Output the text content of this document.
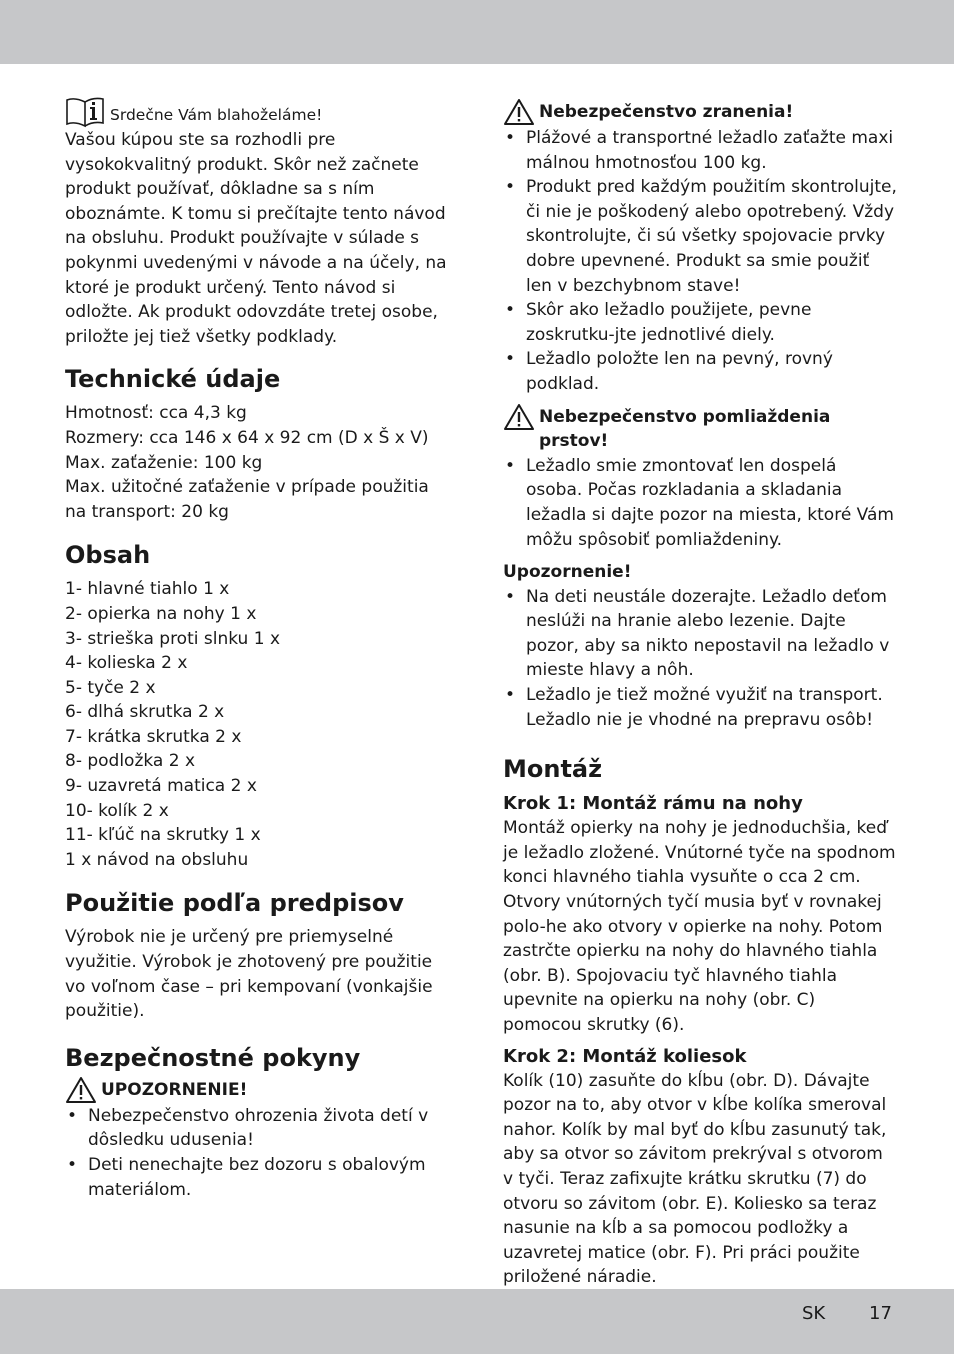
Srdečne Vám blahoželáme!

Vašou kúpou ste sa rozhodli pre vysokokvalitný produkt. Skôr než začnete produkt používať, dôkladne sa s ním oboznámte. K tomu si prečítajte tento návod na obsluhu. Produkt používajte v súlade s pokynmi uvedenými v návode a na účely, na ktoré je produkt určený. Tento návod si odložte. Ak produkt odovzdáte tretej osobe, priložte jej tiež všetky podklady.

Technické údaje
Hmotnosť: cca 4,3 kg
Rozmery: cca 146 x 64 x 92 cm (D x Š x V)
Max. zaťaženie: 100 kg
Max. užitočné zaťaženie v prípade použitia na transport: 20 kg
Obsah
1- hlavné tiahlo 1 x
2- opierka na nohy 1 x
3- strieška proti slnku 1 x
4- kolieska 2 x
5- tyče 2 x
6- dlhá skrutka 2 x
7- krátka skrutka 2 x
8- podložka 2 x
9- uzavretá matica 2 x
10- kolík 2 x
11- kľúč na skrutky 1 x
1 x návod na obsluhu
Použitie podľa predpisov

Výrobok nie je určený pre priemyselné využitie. Výrobok je zhotovený pre použitie vo voľnom čase – pri kempovaní (vonkajšie použitie).

Bezpečnostné pokyny
UPOZORNENIE!
• Nebezpečenstvo ohrozenia života detí v dôsledku udusenia!
• Deti nenechajte bez dozoru s obalovým materiálom.
Nebezpečenstvo zranenia!
• Plážové a transportné ležadlo zaťažte maxi málnou hmotnosťou 100 kg.
• Produkt pred každým použitím skontrolujte, či nie je poškodený alebo opotrebený. Vždy skontrolujte, či sú všetky spojovacie prvky dobre upevnené. Produkt sa smie použiť len v bezchybnom stave!
• Skôr ako ležadlo použijete, pevne zoskrutku-jte jednotlivé diely.
• Ležadlo položte len na pevný, rovný podklad.
Nebezpečenstvo pomliaždenia prstov!
• Ležadlo smie zmontovať len dospelá osoba. Počas rozkladania a skladania ležadla si dajte pozor na miesta, ktoré Vám môžu spôsobiť pomliaždeniny.
Upozornenie!
• Na deti neustále dozerajte. Ležadlo deťom neslúži na hranie alebo lezenie. Dajte pozor, aby sa nikto nepostavil na ležadlo v mieste hlavy a nôh.
• Ležadlo je tiež možné využiť na transport. Ležadlo nie je vhodné na prepravu osôb!
Montáž
Krok 1: Montáž rámu na nohy

Montáž opierky na nohy je jednoduchšia, keď je ležadlo zložené. Vnútorné tyče na spodnom konci hlavného tiahla vysuňte o cca 2 cm. Otvory vnútorných tyčí musia byť v rovnakej polo-he ako otvory v opierke na nohy. Potom zastrčte opierku na nohy do hlavného tiahla (obr. B). Spojovaciu tyč hlavného tiahla upevnite na opierku na nohy (obr. C) pomocou skrutky (6).

Krok 2: Montáž koliesok

Kolík (10) zasuňte do kĺbu (obr. D). Dávajte pozor na to, aby otvor v kĺbe kolíka smeroval nahor. Kolík by mal byť do kĺbu zasunutý tak, aby sa otvor so závitom prekrýval s otvorom v tyči. Teraz zafixujte krátku skrutku (7) do otvoru so závitom (obr. E). Koliesko sa teraz nasunie na kĺb a sa pomocou podložky a uzavretej matice (obr. F). Pri práci použite priložené náradie.

SK 17
